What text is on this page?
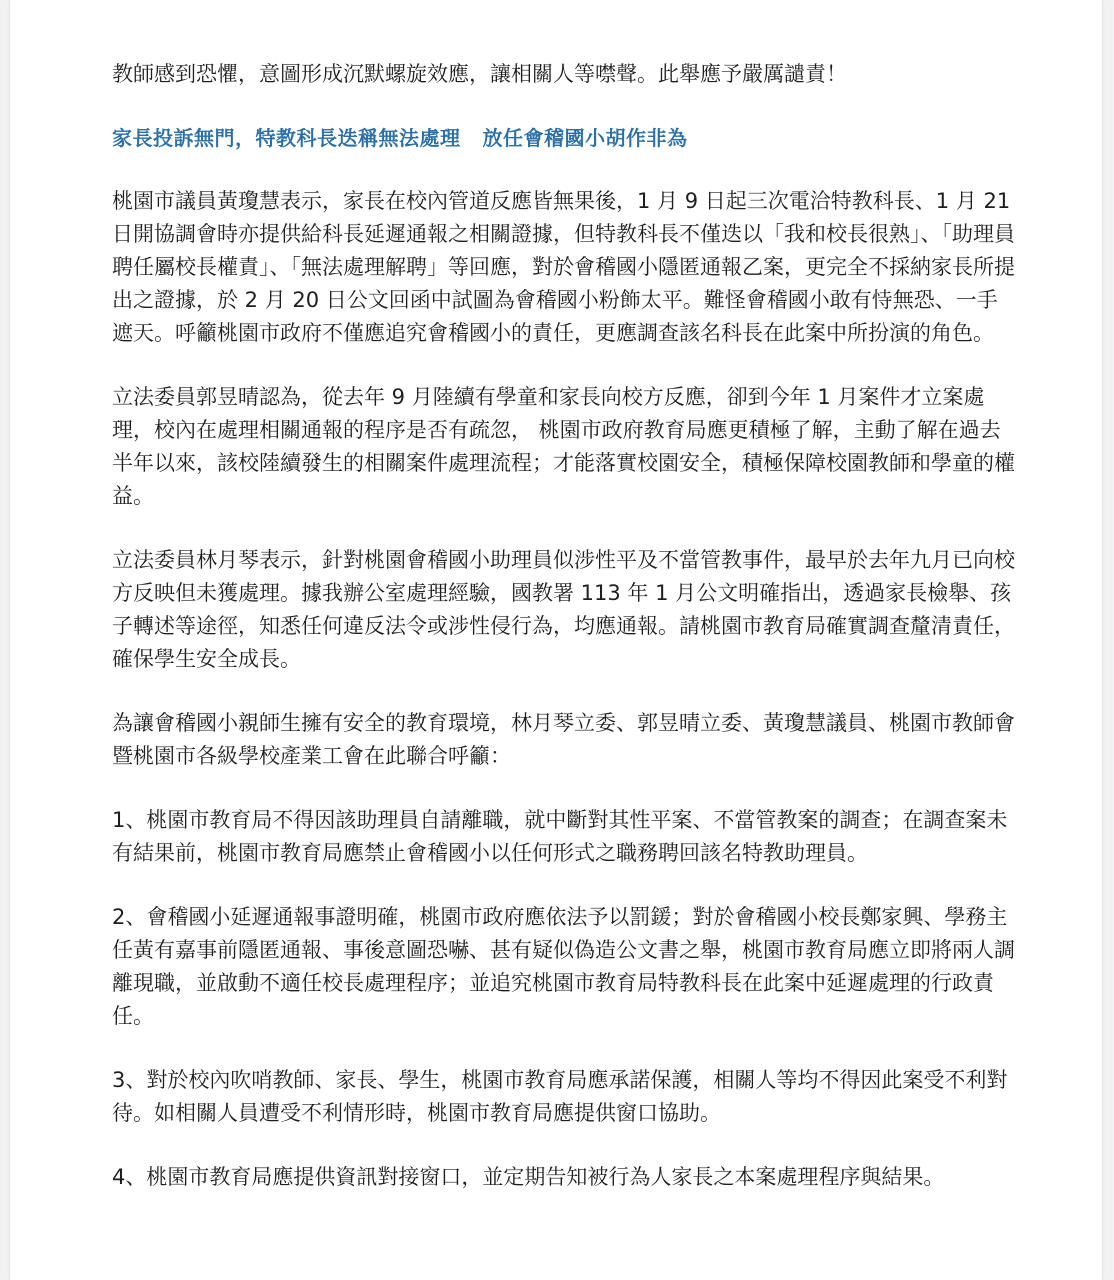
教師感到恐懼，意圖形成沉默螺旋效應，讓相關人等噤聲。此舉應予嚴厲譴責！

家長投訴無門，特教科長迭稱無法處理 放任會稽國小胡作非為

桃園市議員黃瓊慧表示，家長在校內管道反應皆無果後，1 月 9 日起三次電洽特教科長、1 月 21 日開協調會時亦提供給科長延遲通報之相關證據，但特教科長不僅迭以「我和校長很熟」、「助理員聘任屬校長權責」、「無法處理解聘」等回應，對於會稽國小隱匿通報乙案，更完全不採納家長所提出之證據，於 2 月 20 日公文回函中試圖為會稽國小粉飾太平。難怪會稽國小敢有恃無恐、一手遮天。呼籲桃園市政府不僅應追究會稽國小的責任，更應調查該名科長在此案中所扮演的角色。

立法委員郭昱晴認為，從去年 9 月陸續有學童和家長向校方反應，卻到今年 1 月案件才立案處理，校內在處理相關通報的程序是否有疏忽， 桃園市政府教育局應更積極了解，主動了解在過去半年以來，該校陸續發生的相關案件處理流程；才能落實校園安全，積極保障校園教師和學童的權益。

立法委員林月琴表示，針對桃園會稽國小助理員似涉性平及不當管教事件，最早於去年九月已向校方反映但未獲處理。據我辦公室處理經驗，國教署 113 年 1 月公文明確指出，透過家長檢舉、孩子轉述等途徑，知悉任何違反法令或涉性侵行為，均應通報。請桃園市教育局確實調查釐清責任，確保學生安全成長。

為讓會稽國小親師生擁有安全的教育環境，林月琴立委、郭昱晴立委、黃瓊慧議員、桃園市教師會暨桃園市各級學校產業工會在此聯合呼籲：

1、桃園市教育局不得因該助理員自請離職，就中斷對其性平案、不當管教案的調查；在調查案未有結果前，桃園市教育局應禁止會稽國小以任何形式之職務聘回該名特教助理員。

2、會稽國小延遲通報事證明確，桃園市政府應依法予以罰鍰；對於會稽國小校長鄭家興、學務主任黃有嘉事前隱匿通報、事後意圖恐嚇、甚有疑似偽造公文書之舉，桃園市教育局應立即將兩人調離現職，並啟動不適任校長處理程序；並追究桃園市教育局特教科長在此案中延遲處理的行政責任。

3、對於校內吹哨教師、家長、學生，桃園市教育局應承諾保護，相關人等均不得因此案受不利對待。如相關人員遭受不利情形時，桃園市教育局應提供窗口協助。

4、桃園市教育局應提供資訊對接窗口，並定期告知被行為人家長之本案處理程序與結果。
